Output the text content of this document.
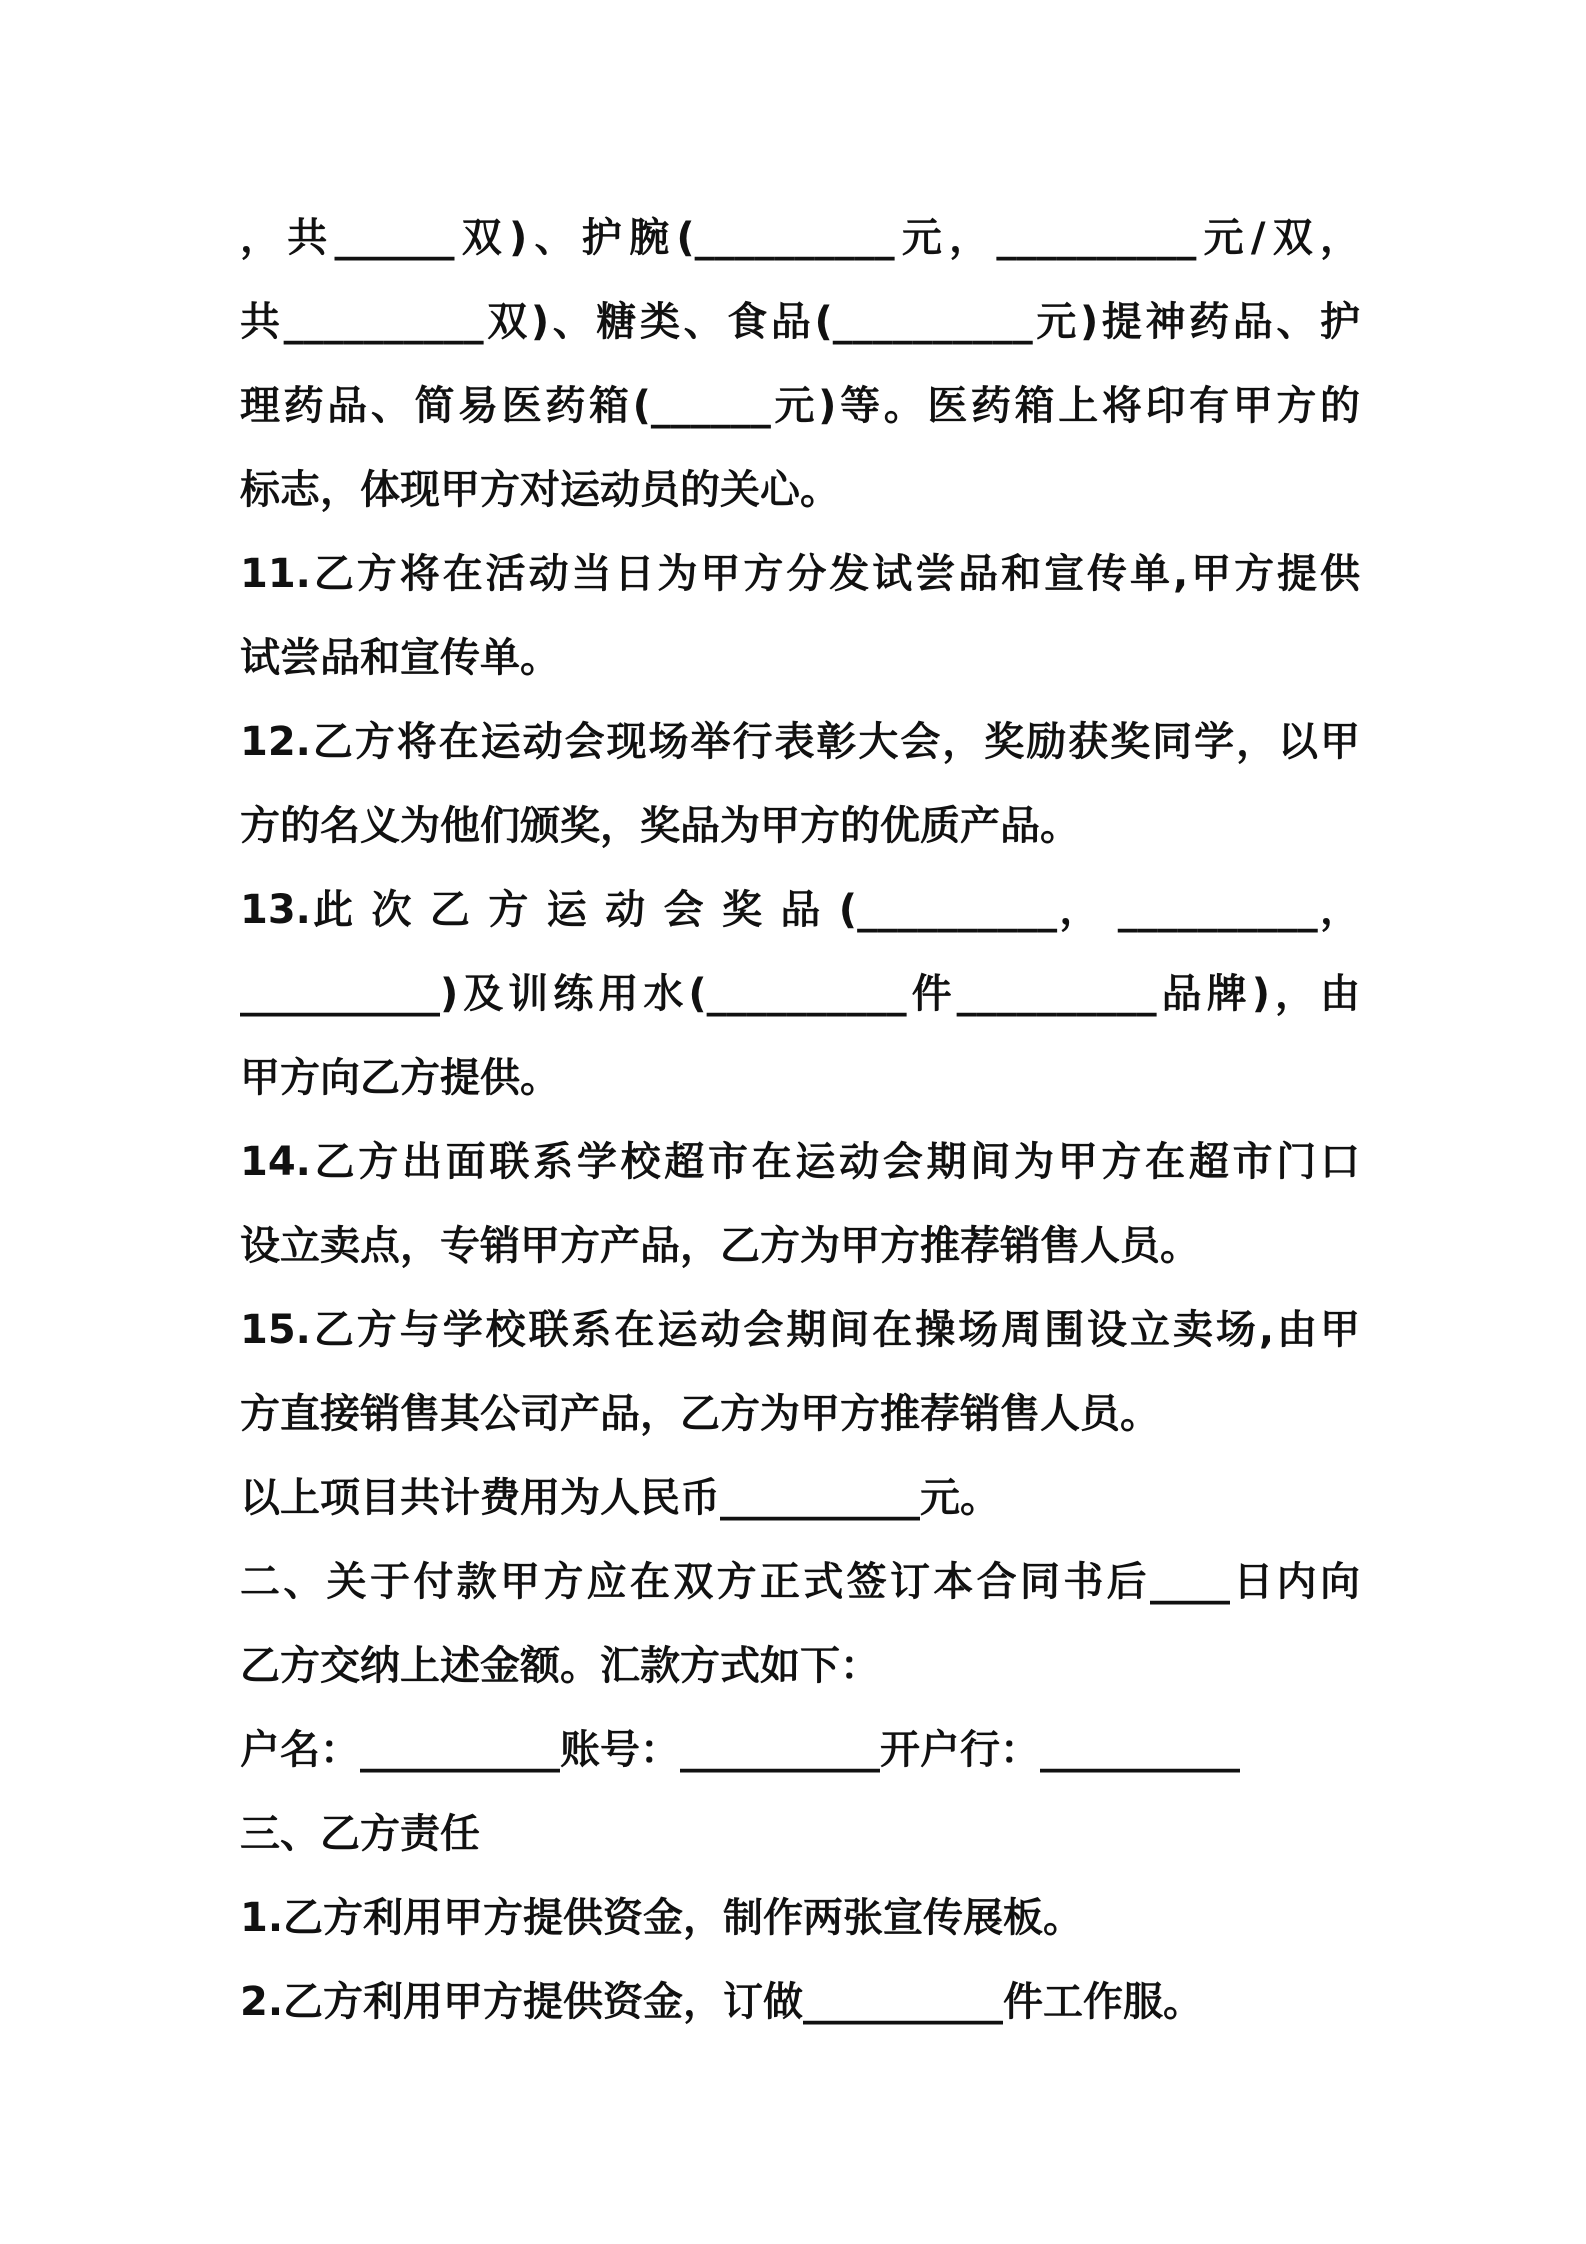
，共______双)、护腕(__________元，__________元/双，
共__________双)、糖类、食品(__________元)提神药品、护
理药品、简易医药箱(______元)等。医药箱上将印有甲方的
标志，体现甲方对运动员的关心。
11.乙方将在活动当日为甲方分发试尝品和宣传单,甲方提供
试尝品和宣传单。
12.乙方将在运动会现场举行表彰大会，奖励获奖同学，以甲
方的名义为他们颁奖，奖品为甲方的优质产品。
13.此 次 乙 方 运 动 会 奖 品 (__________， __________，
__________)及训练用水(__________件__________品牌)，由
甲方向乙方提供。
14.乙方出面联系学校超市在运动会期间为甲方在超市门口
设立卖点，专销甲方产品，乙方为甲方推荐销售人员。
15.乙方与学校联系在运动会期间在操场周围设立卖场,由甲
方直接销售其公司产品，乙方为甲方推荐销售人员。
以上项目共计费用为人民币__________元。
二、关于付款甲方应在双方正式签订本合同书后____日内向
乙方交纳上述金额。汇款方式如下：
户名：__________账号：__________开户行：__________
三、乙方责任
1.乙方利用甲方提供资金，制作两张宣传展板。
2.乙方利用甲方提供资金，订做__________件工作服。
